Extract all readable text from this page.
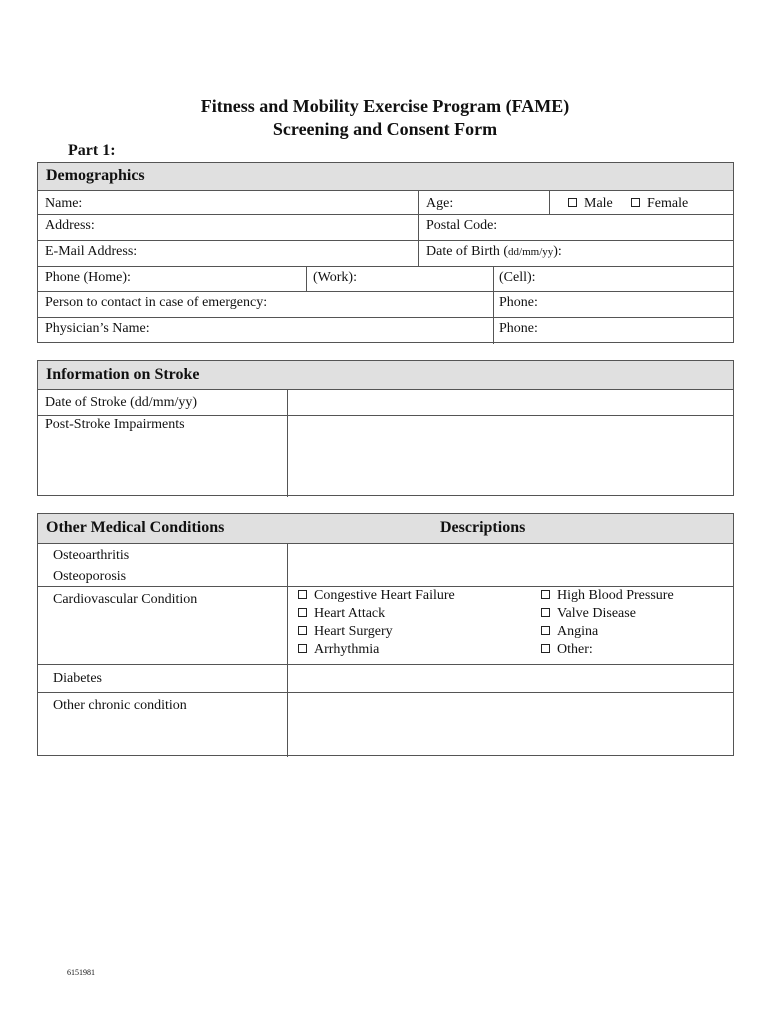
Fitness and Mobility Exercise Program (FAME)
Screening and Consent Form
Part 1:
Demographics
Name:	Age:	Male	Female
Address:	Postal Code:
E-Mail Address:	Date of Birth (dd/mm/yy):
Phone (Home):	(Work):	(Cell):
Person to contact in case of emergency:	Phone:
Physician’s Name:	Phone:
Information on Stroke
Date of Stroke (dd/mm/yy)
Post-Stroke Impairments
Other Medical Conditions	Descriptions
Osteoarthritis
Osteoporosis
Cardiovascular Condition	Congestive Heart Failure
Heart Attack
Heart Surgery
Arrhythmia
High Blood Pressure
Valve Disease
Angina
Other:
Diabetes
Other chronic condition
6151981
